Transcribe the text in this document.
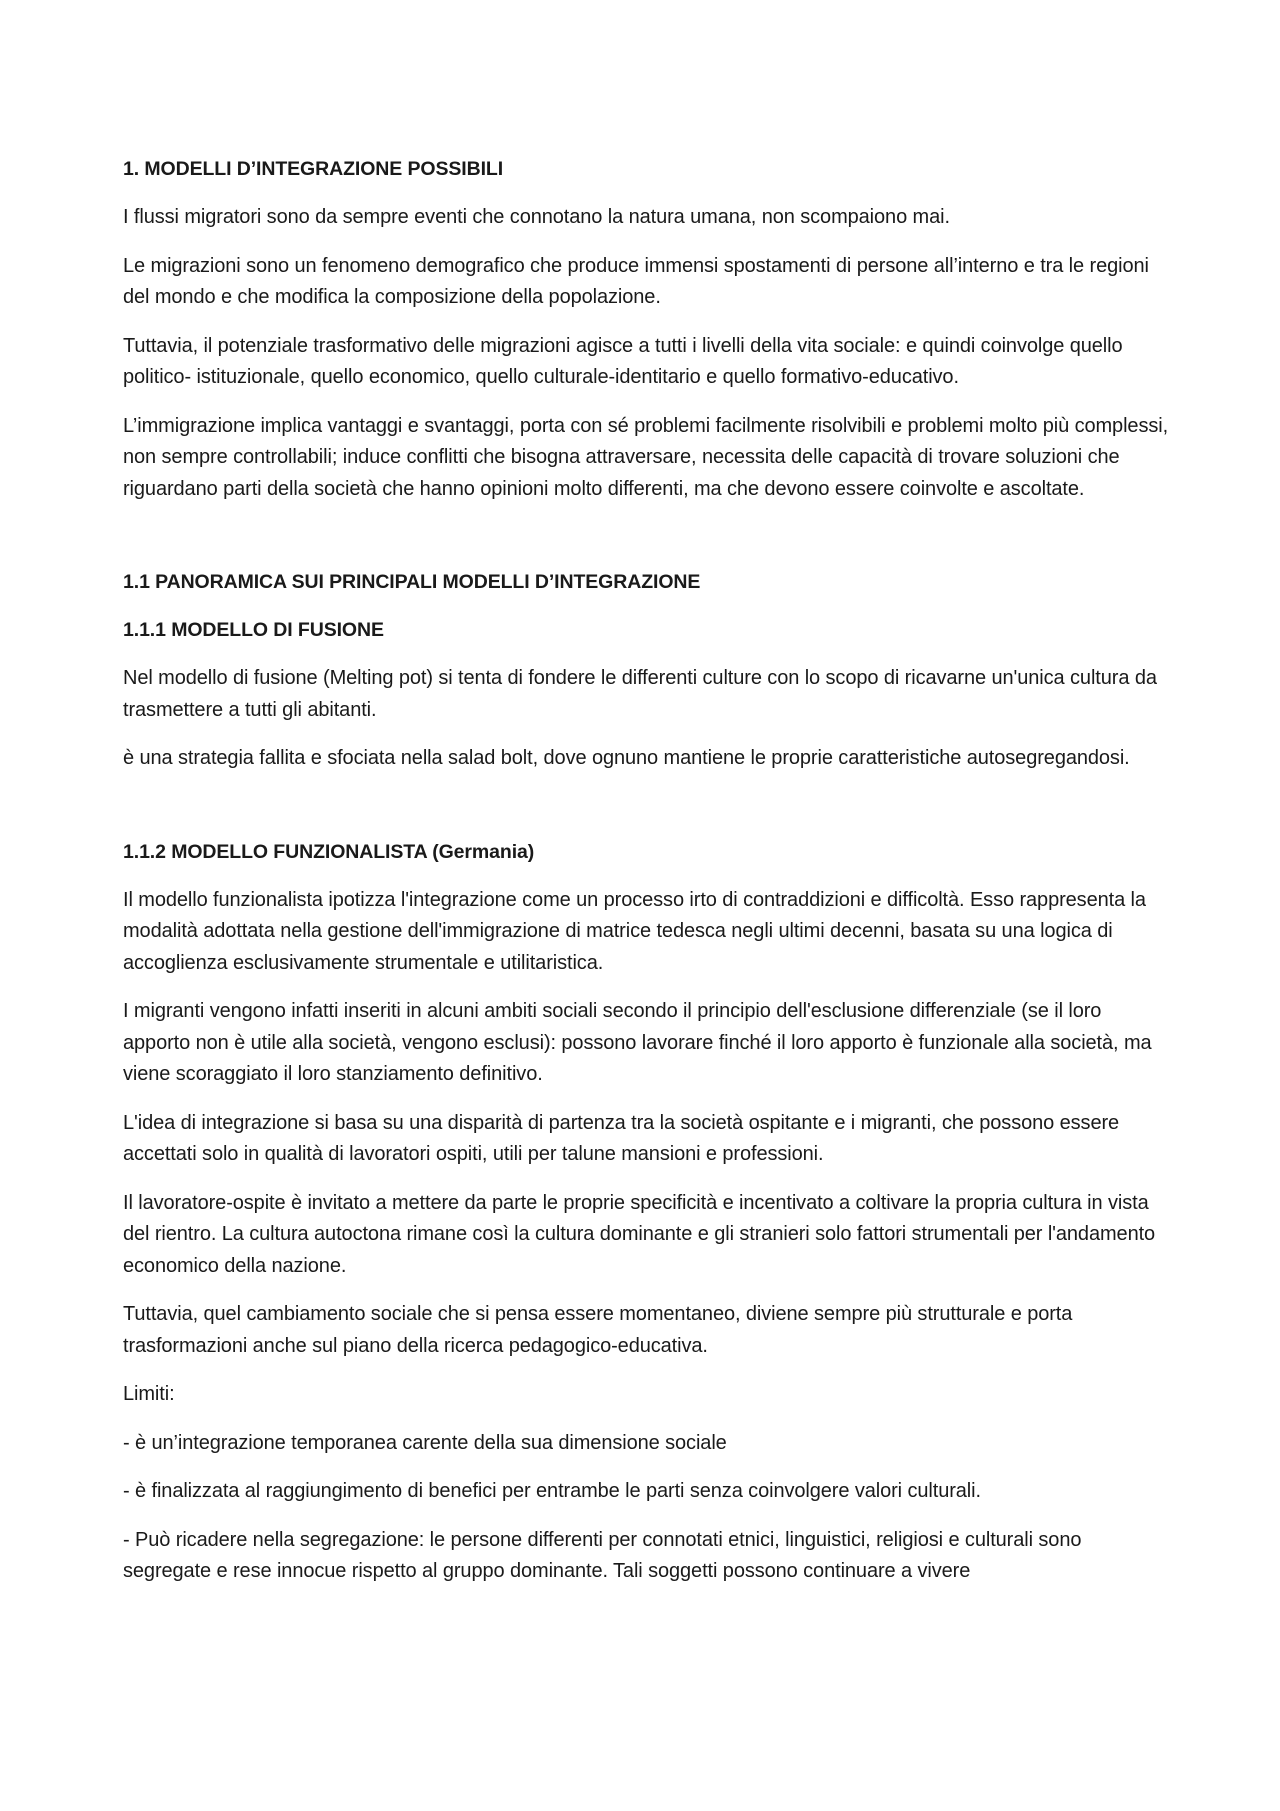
1. MODELLI D’INTEGRAZIONE POSSIBILI

I flussi migratori sono da sempre eventi che connotano la natura umana, non scompaiono mai.

Le migrazioni sono un fenomeno demografico che produce immensi spostamenti di persone all’interno e tra le regioni del mondo e che modifica la composizione della popolazione.

Tuttavia, il potenziale trasformativo delle migrazioni agisce a tutti i livelli della vita sociale: e quindi coinvolge quello politico- istituzionale, quello economico, quello culturale-identitario e quello formativo-educativo.

L’immigrazione implica vantaggi e svantaggi, porta con sé problemi facilmente risolvibili e problemi molto più complessi, non sempre controllabili; induce conflitti che bisogna attraversare, necessita delle capacità di trovare soluzioni che riguardano parti della società che hanno opinioni molto differenti, ma che devono essere coinvolte e ascoltate.

1.1 PANORAMICA SUI PRINCIPALI MODELLI D’INTEGRAZIONE
1.1.1 MODELLO DI FUSIONE

Nel modello di fusione (Melting pot) si tenta di fondere le differenti culture con lo scopo di ricavarne un'unica cultura da trasmettere a tutti gli abitanti.

è una strategia fallita e sfociata nella salad bolt, dove ognuno mantiene le proprie caratteristiche autosegregandosi.

1.1.2 MODELLO FUNZIONALISTA (Germania)

Il modello funzionalista ipotizza l'integrazione come un processo irto di contraddizioni e difficoltà. Esso rappresenta la modalità adottata nella gestione dell'immigrazione di matrice tedesca negli ultimi decenni, basata su una logica di accoglienza esclusivamente strumentale e utilitaristica.

I migranti vengono infatti inseriti in alcuni ambiti sociali secondo il principio dell'esclusione differenziale (se il loro apporto non è utile alla società, vengono esclusi): possono lavorare finché il loro apporto è funzionale alla società, ma viene scoraggiato il loro stanziamento definitivo.

L'idea di integrazione si basa su una disparità di partenza tra la società ospitante e i migranti, che possono essere accettati solo in qualità di lavoratori ospiti, utili per talune mansioni e professioni.

Il lavoratore-ospite è invitato a mettere da parte le proprie specificità e incentivato a coltivare la propria cultura in vista del rientro. La cultura autoctona rimane così la cultura dominante e gli stranieri solo fattori strumentali per l'andamento economico della nazione.

Tuttavia, quel cambiamento sociale che si pensa essere momentaneo, diviene sempre più strutturale e porta trasformazioni anche sul piano della ricerca pedagogico-educativa.

Limiti:

- è un’integrazione temporanea carente della sua dimensione sociale

- è finalizzata al raggiungimento di benefici per entrambe le parti senza coinvolgere valori culturali.

- Può ricadere nella segregazione: le persone differenti per connotati etnici, linguistici, religiosi e culturali sono segregate e rese innocue rispetto al gruppo dominante. Tali soggetti possono continuare a vivere
